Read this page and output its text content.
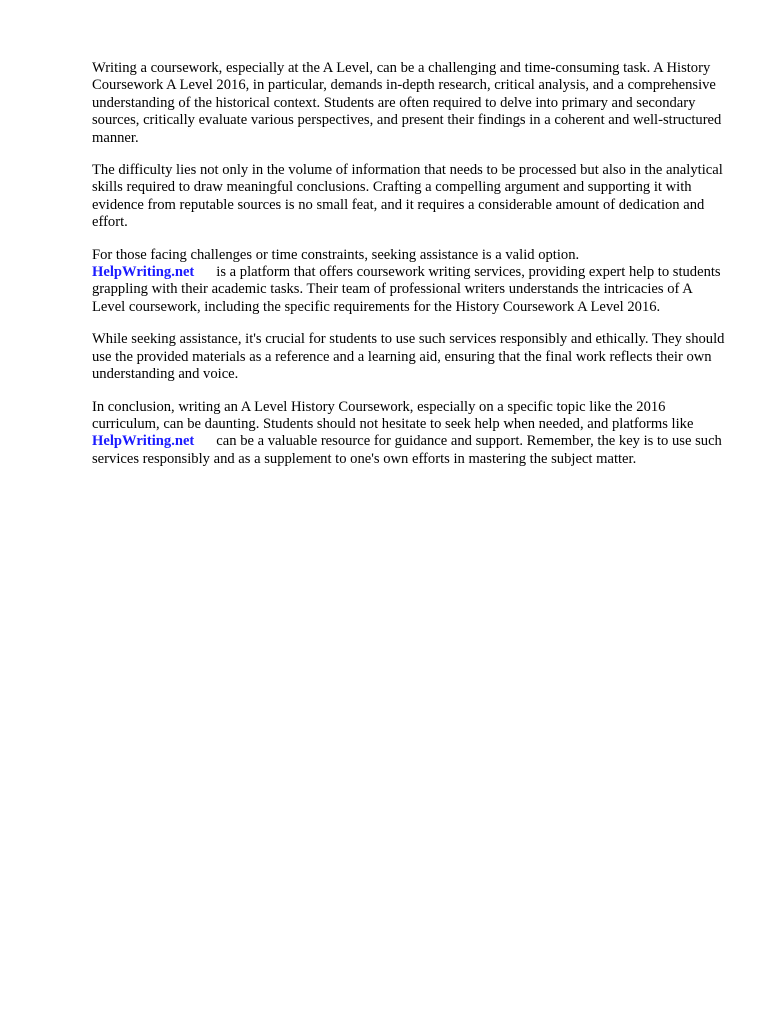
Writing a coursework, especially at the A Level, can be a challenging and time-consuming task. A History Coursework A Level 2016, in particular, demands in-depth research, critical analysis, and a comprehensive understanding of the historical context. Students are often required to delve into primary and secondary sources, critically evaluate various perspectives, and present their findings in a coherent and well-structured manner.

The difficulty lies not only in the volume of information that needs to be processed but also in the analytical skills required to draw meaningful conclusions. Crafting a compelling argument and supporting it with evidence from reputable sources is no small feat, and it requires a considerable amount of dedication and effort.

For those facing challenges or time constraints, seeking assistance is a valid option.
HelpWriting.net is a platform that offers coursework writing services, providing expert help to students grappling with their academic tasks. Their team of professional writers understands the intricacies of A Level coursework, including the specific requirements for the History Coursework A Level 2016.

While seeking assistance, it's crucial for students to use such services responsibly and ethically. They should use the provided materials as a reference and a learning aid, ensuring that the final work reflects their own understanding and voice.

In conclusion, writing an A Level History Coursework, especially on a specific topic like the 2016 curriculum, can be daunting. Students should not hesitate to seek help when needed, and platforms likeHelpWriting.net can be a valuable resource for guidance and support. Remember, the key is to use such services responsibly and as a supplement to one's own efforts in mastering the subject matter.
